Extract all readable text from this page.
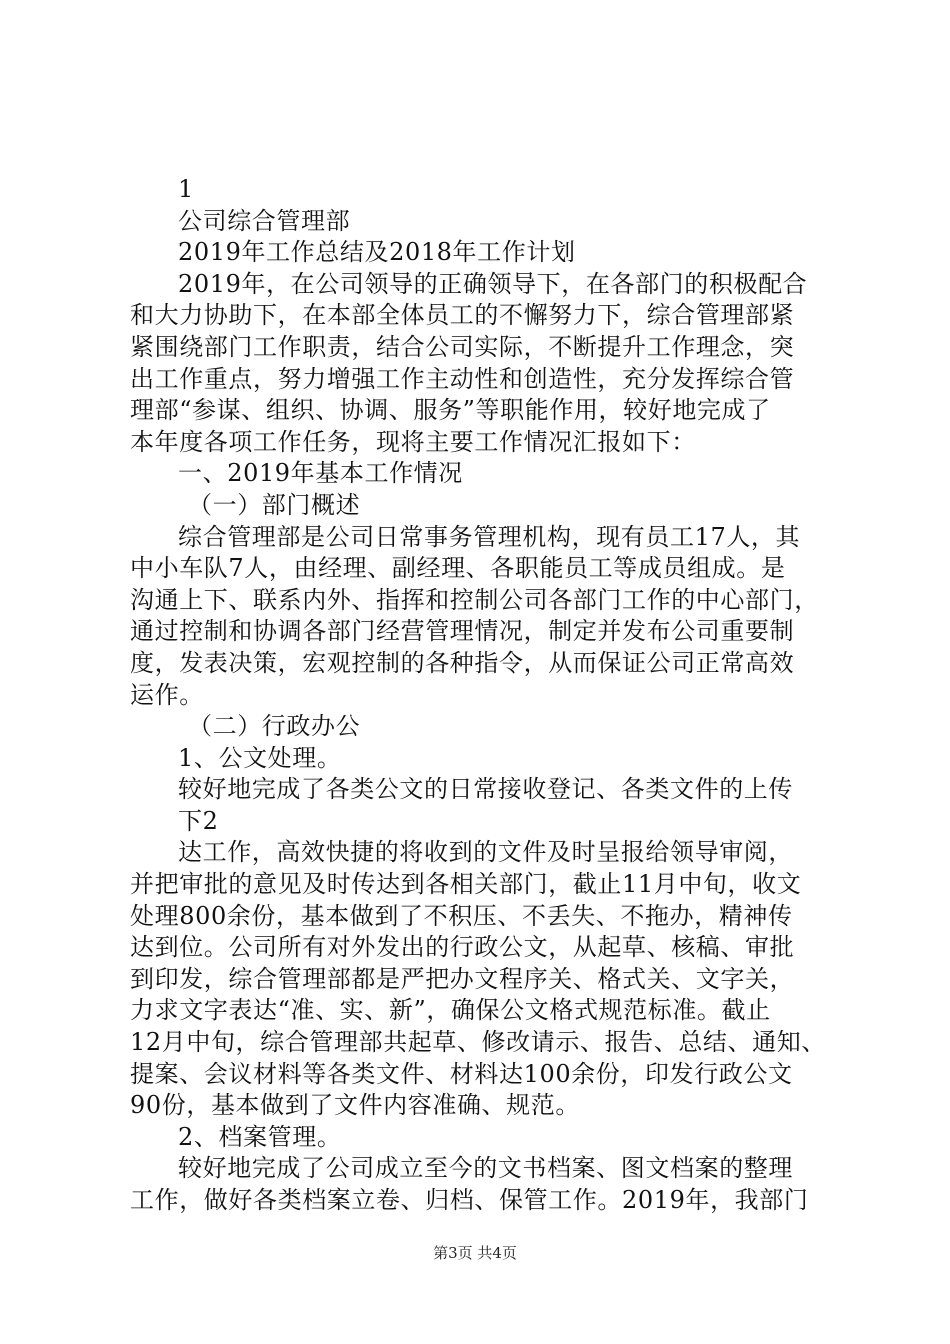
1
公司综合管理部
2019年工作总结及2018年工作计划
2019年，在公司领导的正确领导下，在各部门的积极配合
和大力协助下，在本部全体员工的不懈努力下，综合管理部紧
紧围绕部门工作职责，结合公司实际，不断提升工作理念，突
出工作重点，努力增强工作主动性和创造性，充分发挥综合管
理部“参谋、组织、协调、服务”等职能作用，较好地完成了
本年度各项工作任务，现将主要工作情况汇报如下：
一、2019年基本工作情况
（一）部门概述
综合管理部是公司日常事务管理机构，现有员工17人，其
中小车队7人，由经理、副经理、各职能员工等成员组成。是
沟通上下、联系内外、指挥和控制公司各部门工作的中心部门，
通过控制和协调各部门经营管理情况，制定并发布公司重要制
度，发表决策，宏观控制的各种指令，从而保证公司正常高效
运作。
（二）行政办公
1、公文处理。
较好地完成了各类公文的日常接收登记、各类文件的上传
下2
达工作，高效快捷的将收到的文件及时呈报给领导审阅，
并把审批的意见及时传达到各相关部门，截止11月中旬，收文
处理800余份，基本做到了不积压、不丢失、不拖办，精神传
达到位。公司所有对外发出的行政公文，从起草、核稿、审批
到印发，综合管理部都是严把办文程序关、格式关、文字关，
力求文字表达“准、实、新”，确保公文格式规范标准。截止
12月中旬，综合管理部共起草、修改请示、报告、总结、通知、
提案、会议材料等各类文件、材料达100余份，印发行政公文
90份，基本做到了文件内容准确、规范。
2、档案管理。
较好地完成了公司成立至今的文书档案、图文档案的整理
工作，做好各类档案立卷、归档、保管工作。2019年，我部门
第3页 共4页
